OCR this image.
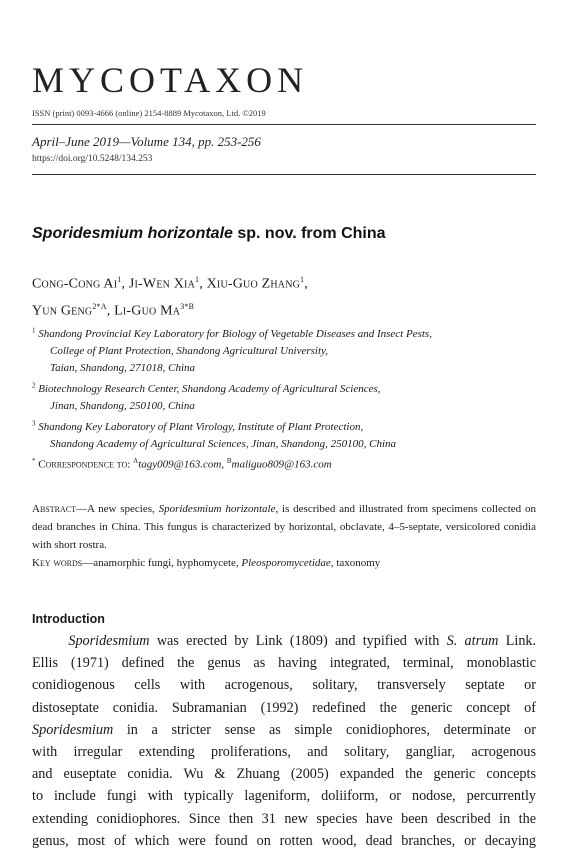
MYCOTAXON
ISSN (print) 0093-4666 (online) 2154-8889 Mycotaxon, Ltd. ©2019
April–June 2019—Volume 134, pp. 253-256
https://doi.org/10.5248/134.253
Sporidesmium horizontale sp. nov. from China
Cong-Cong Ai$^1$, Ji-Wen Xia$^1$, Xiu-Guo Zhang$^1$,
Yun Geng$^{2*A}$, Li-Guo $Ma^{3*B}$
$^1$ Shandong Provincial Key Laboratory for Biology of Vegetable Diseases and Insect Pests,
College of Plant Protection, Shandong Agricultural University,
Taian, Shandong, 271018, China
$^2$ Biotechnology Research Center, Shandong Academy of Agricultural Sciences,
Jinan, Shandong, 250100, China
$^3$ Shandong Key Laboratory of Plant Virology, Institute of Plant Protection,
Shandong Academy of Agricultural Sciences, Jinan, Shandong, 250100, China
* Correspondence to: $^A$tagy009@163.com, $^B$maliguo809@163.com
Abstract—A new species, Sporidesmium horizontale, is described and illustrated from specimens collected on dead branches in China. This fungus is characterized by horizontal, obclavate, 4–5-septate, versicolored conidia with short rostra.
Key words—anamorphic fungi, hyphomycete, Pleosporomycetidae, taxonomy
Introduction
Sporidesmium was erected by Link (1809) and typified with S. atrum Link.
Ellis (1971) defined the genus as having integrated, terminal, monoblastic
conidiogenous cells with acrogenous, solitary, transversely septate or
distoseptate conidia. Subramanian (1992) redefined the generic concept of
Sporidesmium in a stricter sense as simple conidiophores, determinate or
with irregular extending proliferations, and solitary, gangliar, acrogenous
and euseptate conidia. Wu & Zhuang (2005) expanded the generic concepts
to include fungi with typically lageniform, doliiform, or nodose, percurrently
extending conidiophores. Since then 31 new species have been described in the
genus, most of which were found on rotten wood, dead branches, or decaying
